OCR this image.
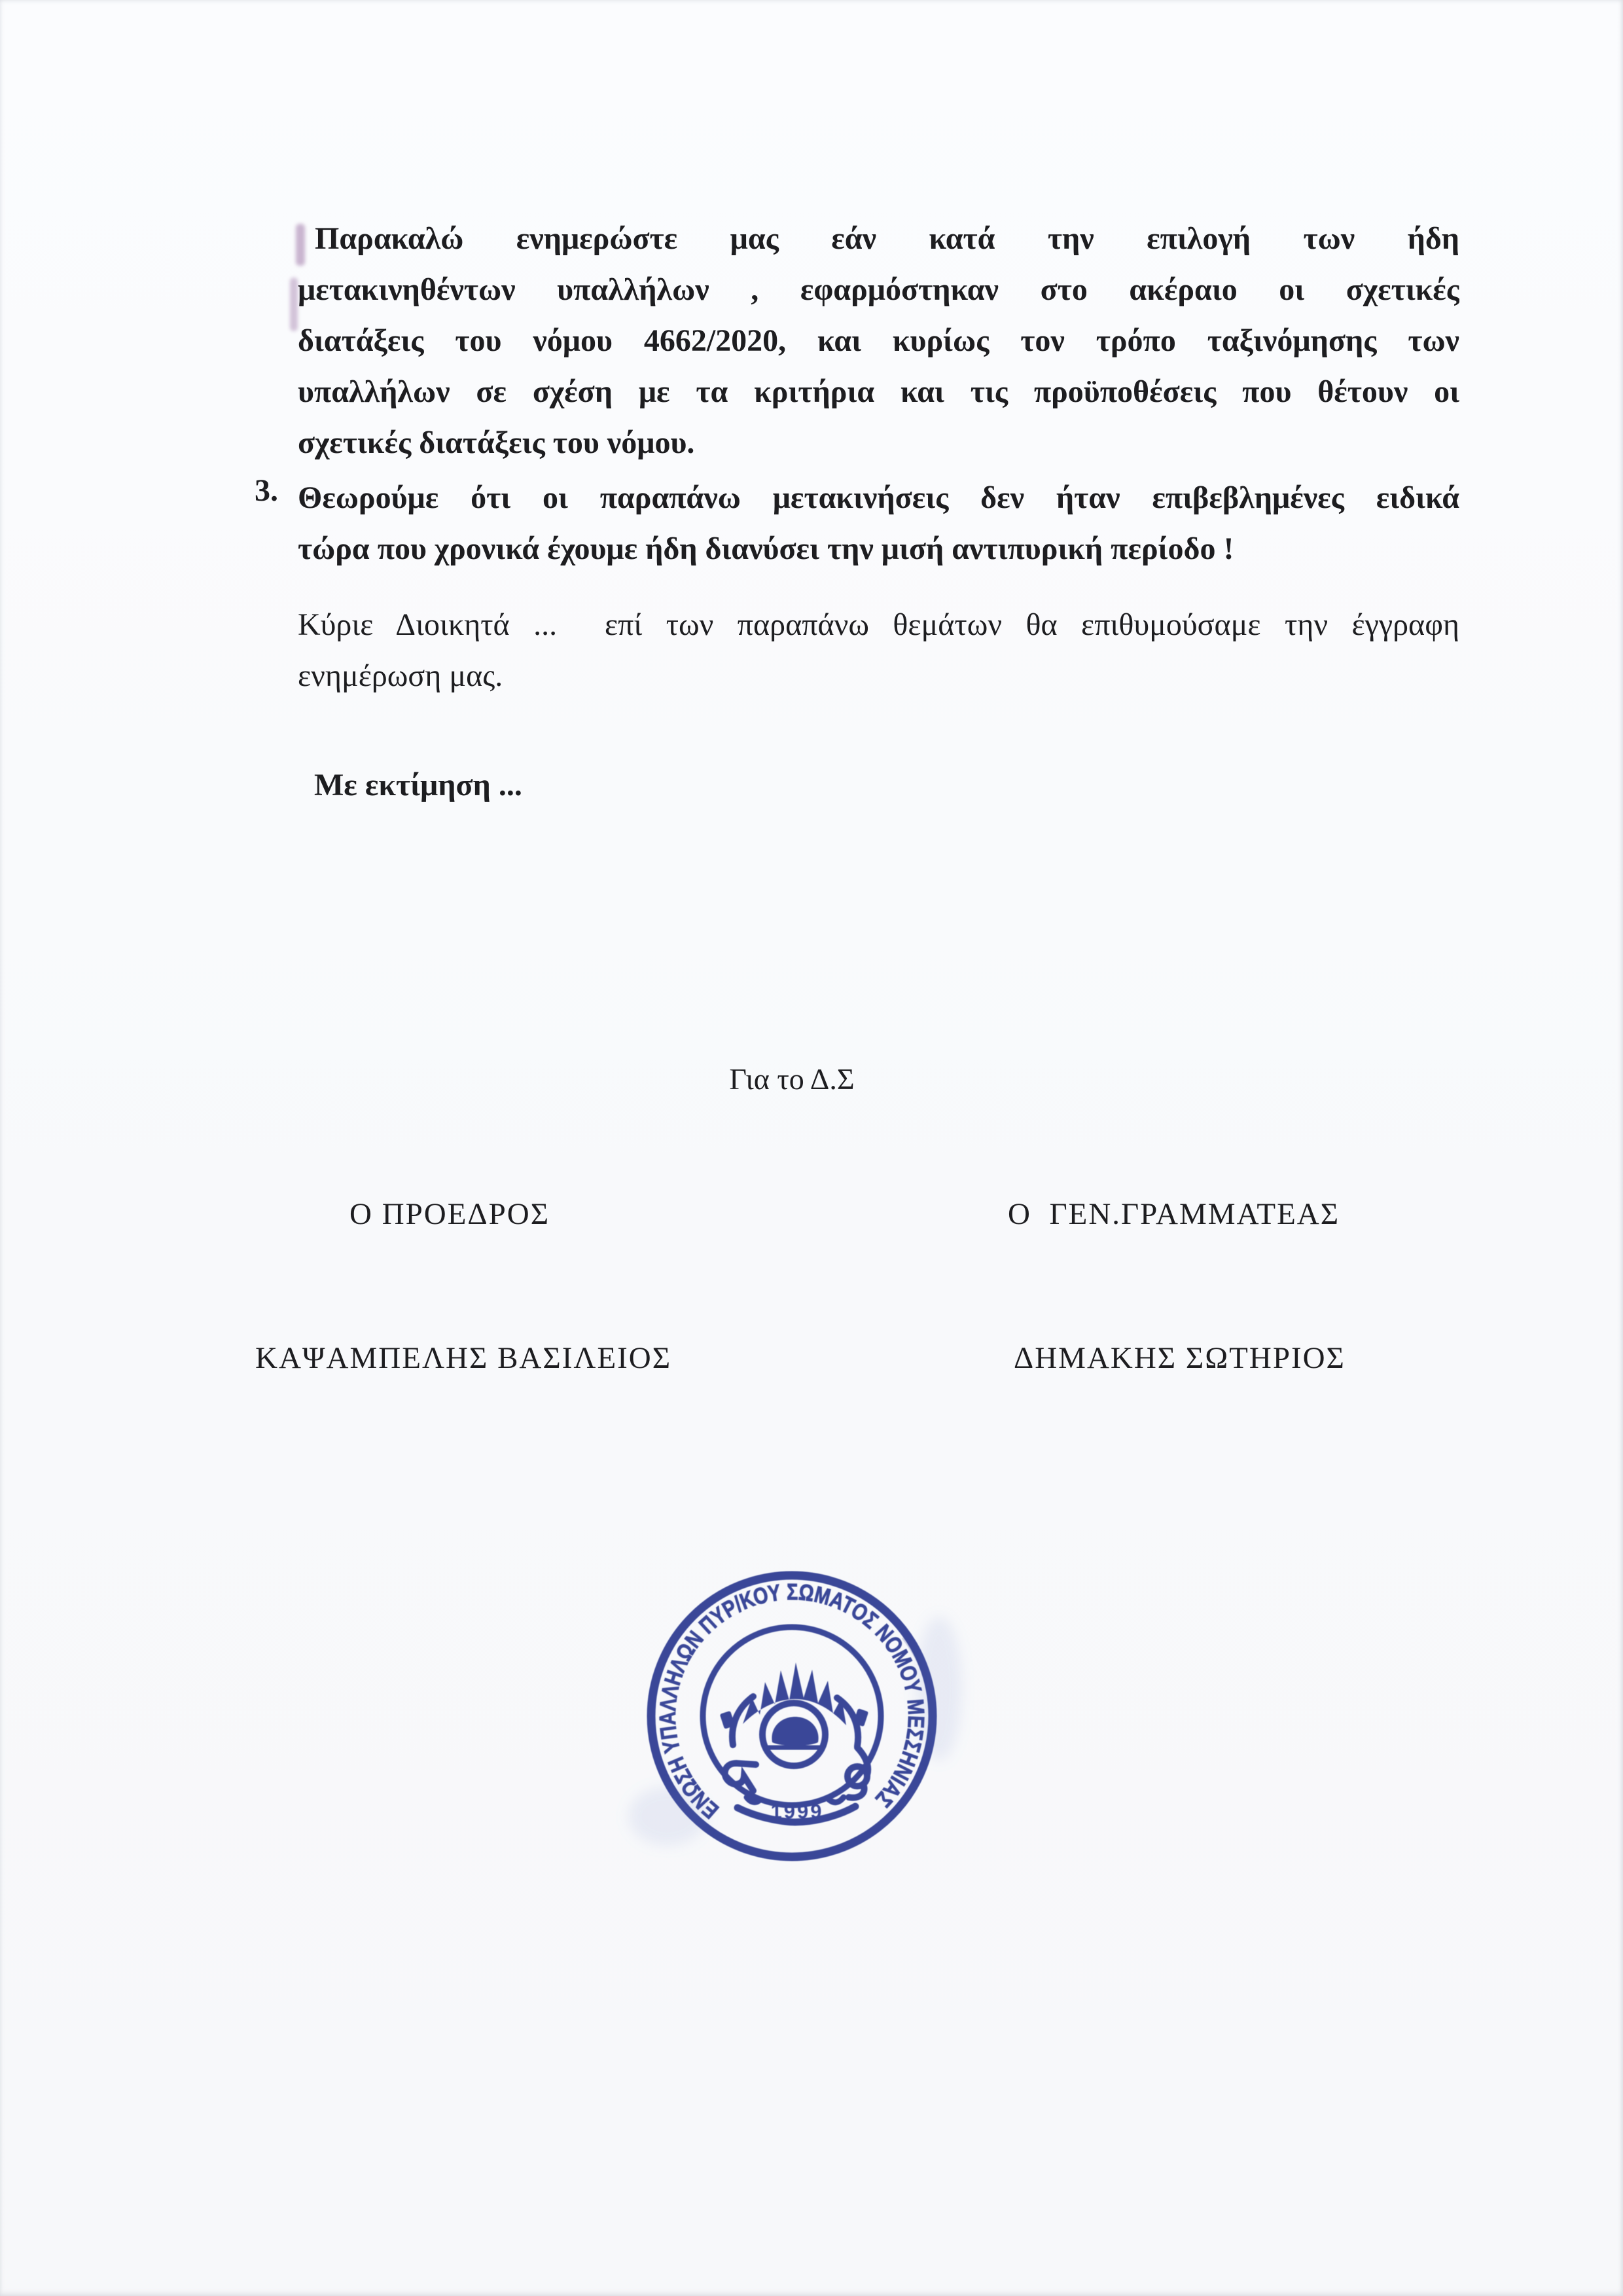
Παρακαλώ ενημερώστε μας εάν κατά την επιλογή των ήδη
μετακινηθέντων υπαλλήλων , εφαρμόστηκαν στο ακέραιο οι σχετικές
διατάξεις του νόμου 4662/2020, και κυρίως τον τρόπο ταξινόμησης των
υπαλλήλων σε σχέση με τα κριτήρια και τις προϋποθέσεις που θέτουν οι
σχετικές διατάξεις του νόμου.
3. Θεωρούμε ότι οι παραπάνω μετακινήσεις δεν ήταν επιβεβλημένες ειδικά
τώρα που χρονικά έχουμε ήδη διανύσει την μισή αντιπυρική περίοδο !
Κύριε Διοικητά ...  επί των παραπάνω θεμάτων θα επιθυμούσαμε την έγγραφη
ενημέρωση μας.
Με εκτίμηση ...
Για το Δ.Σ
Ο ΠΡΟΕΔΡΟΣ
ΚΑΨΑΜΠΕΛΗΣ ΒΑΣΙΛΕΙΟΣ
Ο  ΓΕΝ.ΓΡΑΜΜΑΤΕΑΣ
ΔΗΜΑΚΗΣ ΣΩΤΗΡΙΟΣ
ΕΝΩΣΗ ΥΠΑΛΛΗΛΩΝ ΠΥΡ/ΚΟΥ ΣΩΜΑΤΟΣ ΝΟΜΟΥ ΜΕΣΣΗΝΙΑΣ
1999
